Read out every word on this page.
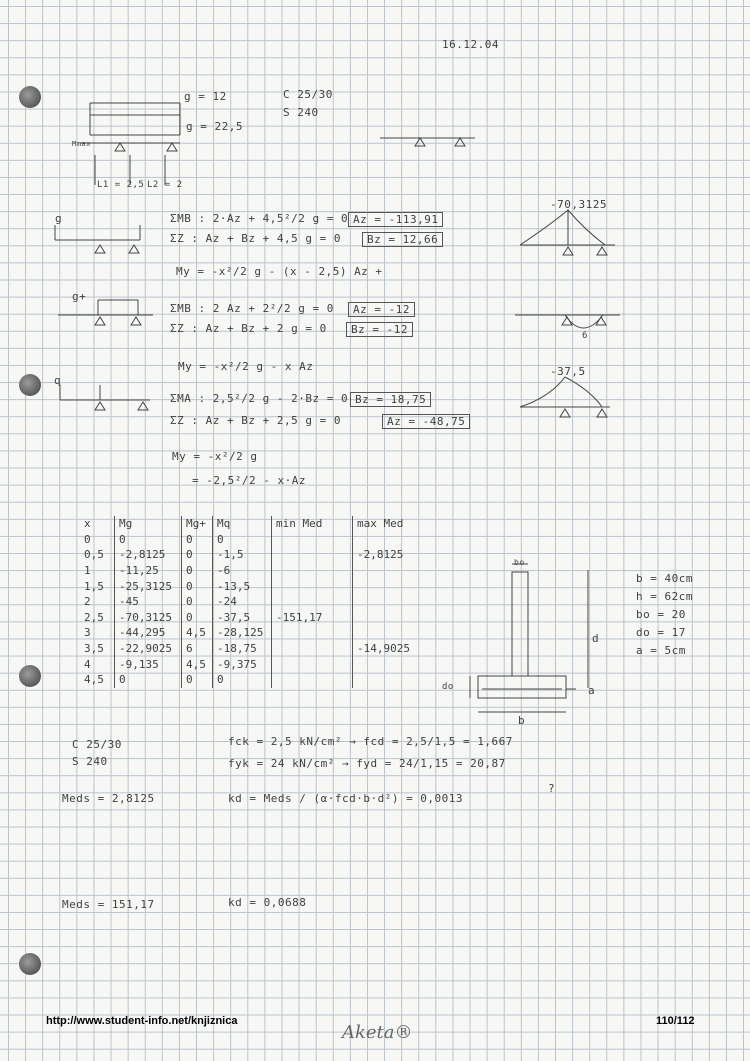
16.12.04
g = 12
g = 22,5
Mmax
L1 = 2,5 L2 = 2
C 25/30
S 240
g	ΣMB : 2·Az + 4,5²/2 g = 0
ΣZ : Az + Bz + 4,5 g = 0
Az = -113,91
Bz = 12,66
My = -x²/2 g - (x - 2,5) Az +
-70,3125
g+
ΣMB : 2 Az + 2²/2 g = 0
ΣZ : Az + Bz + 2 g = 0
Az = -12
Bz = -12
My = -x²/2 g - x Az
6
q
ΣMA : 2,5²/2 g - 2·Bz = 0
ΣZ : Az + Bz + 2,5 g = 0
Bz = 18,75
Az = -48,75
My = -x²/2 g
= -2,5²/2 - x·Az
-37,5
x	Mg	Mg+	Mq	min Med	max Med
0	0	0	0		
0,5	-2,8125	0	-1,5		-2,8125
1	-11,25	0	-6		
1,5	-25,3125	0	-13,5		
2	-45	0	-24		
2,5	-70,3125	0	-37,5	-151,17	
3	-44,295	4,5	-28,125		
3,5	-22,9025	6	-18,75		-14,9025
4	-9,135	4,5	-9,375		
4,5	0	0	0		
bo
d
do	a
b
b = 40cm
h = 62cm
bo = 20
do = 17
a = 5cm
C 25/30
S 240
fck = 2,5 kN/cm² → fcd = 2,5/1,5 = 1,667
fyk = 24 kN/cm² → fyd = 24/1,15 = 20,87
Meds = 2,8125	kd = Meds / (α·fcd·b·d²) = 0,0013
?
Meds = 151,17	kd = 0,0688
http://www.student-info.net/knjiznica
Aketa®
110/112
